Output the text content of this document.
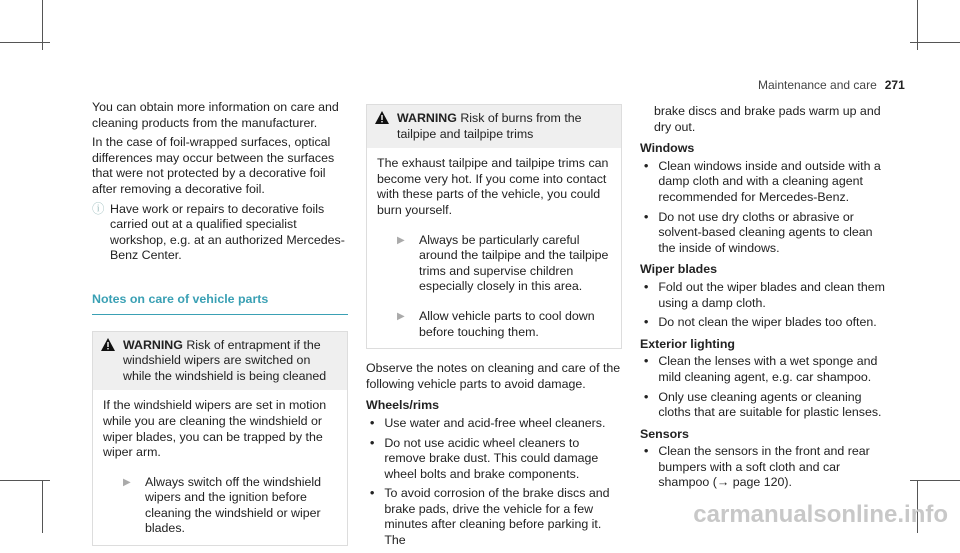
Maintenance and care 271

You can obtain more information on care and cleaning products from the manufacturer.

In the case of foil-wrapped surfaces, optical differences may occur between the surfaces that were not protected by a decorative foil after removing a decorative foil.

ⓘ Have work or repairs to decorative foils carried out at a qualified specialist workshop, e.g. at an authorized Mercedes-Benz Center.
Notes on care of vehicle parts
WARNING Risk of entrapment if the windshield wipers are switched on while the windshield is being cleaned

If the windshield wipers are set in motion while you are cleaning the windshield or wiper blades, you can be trapped by the wiper arm.

▶ Always switch off the windshield wipers and the ignition before cleaning the windshield or wiper blades.
WARNING Risk of burns from the tailpipe and tailpipe trims

The exhaust tailpipe and tailpipe trims can become very hot. If you come into contact with these parts of the vehicle, you could burn yourself.

▶ Always be particularly careful around the tailpipe and the tailpipe trims and supervise children especially closely in this area.
▶ Allow vehicle parts to cool down before touching them.

Observe the notes on cleaning and care of the following vehicle parts to avoid damage.

Wheels/rims
• Use water and acid-free wheel cleaners.
• Do not use acidic wheel cleaners to remove brake dust. This could damage wheel bolts and brake components.
• To avoid corrosion of the brake discs and brake pads, drive the vehicle for a few minutes after cleaning before parking it. The

brake discs and brake pads warm up and dry out.

Windows
• Clean windows inside and outside with a damp cloth and with a cleaning agent recommended for Mercedes-Benz.
• Do not use dry cloths or abrasive or solvent-based cleaning agents to clean the inside of windows.
Wiper blades
• Fold out the wiper blades and clean them using a damp cloth.
• Do not clean the wiper blades too often.
Exterior lighting
• Clean the lenses with a wet sponge and mild cleaning agent, e.g. car shampoo.
• Only use cleaning agents or cleaning cloths that are suitable for plastic lenses.
Sensors
• Clean the sensors in the front and rear bumpers with a soft cloth and car shampoo (→ page 120).
carmanualsonline.info
